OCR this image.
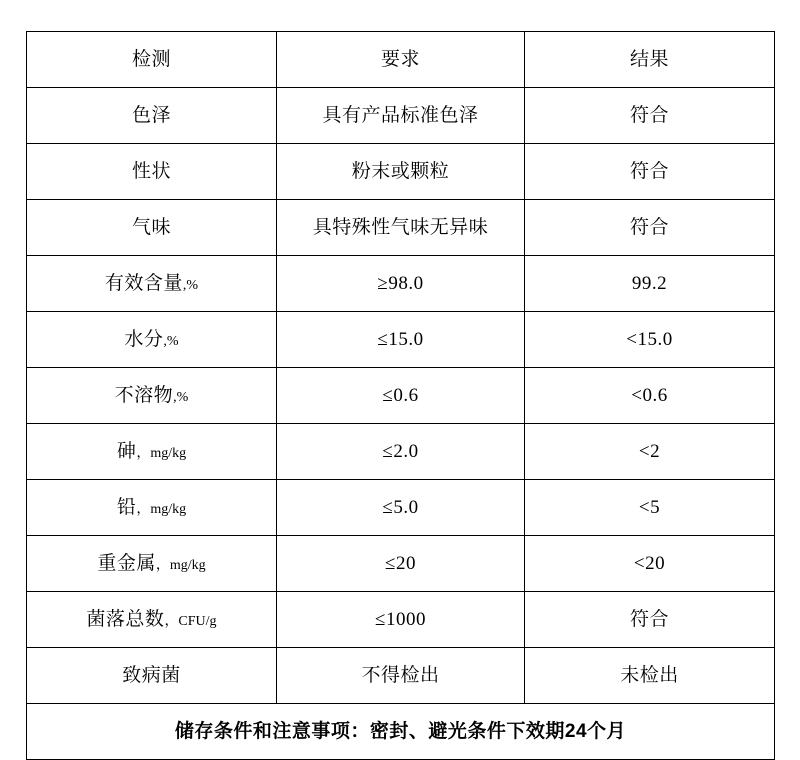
检测	要求	结果
色泽	具有产品标准色泽	符合
性状	粉末或颗粒	符合
气味	具特殊性气味无异味	符合
有效含量,%	≥98.0	99.2
水分,%	≤15.0	<15.0
不溶物,%	≤0.6	<0.6
砷，mg/kg	≤2.0	<2
铅，mg/kg	≤5.0	<5
重金属，mg/kg	≤20	<20
菌落总数，CFU/g	≤1000	符合
致病菌	不得检出	未检出
储存条件和注意事项：密封、避光条件下效期24个月		
